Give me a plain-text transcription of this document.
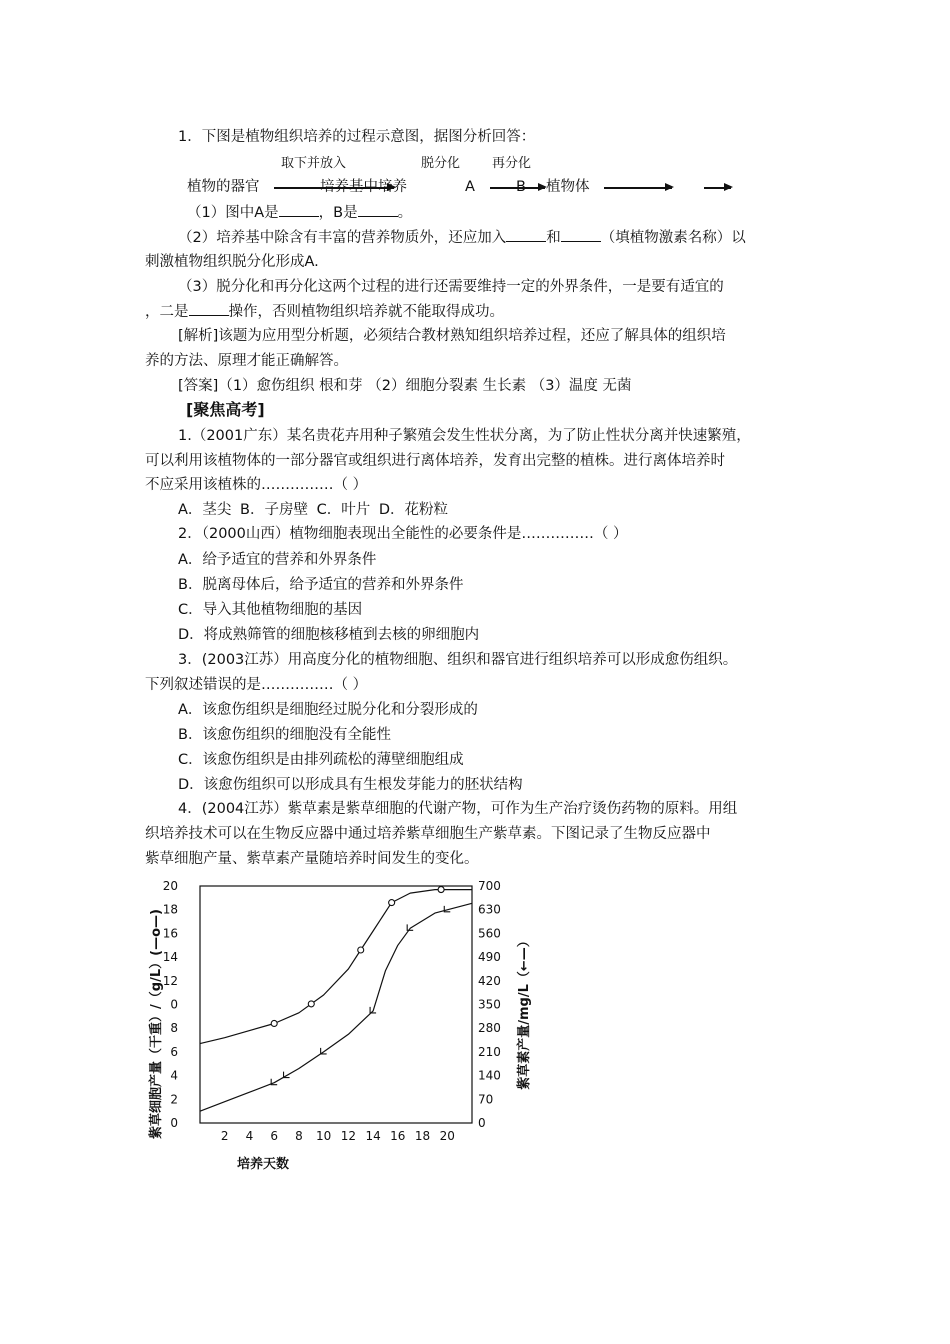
1．下图是植物组织培养的过程示意图，据图分析回答：
取下并放入	脱分化 再分化
植物的器官	培养基中培养	A	B 植物体
（1）图中A是	，B是	。
（2）培养基中除含有丰富的营养物质外，还应加入	和	（填植物激素名称）以
刺激植物组织脱分化形成A.
（3）脱分化和再分化这两个过程的进行还需要维持一定的外界条件，一是要有适宜的
，二是	操作，否则植物组织培养就不能取得成功。
[解析]该题为应用型分析题，必须结合教材熟知组织培养过程，还应了解具体的组织培
养的方法、原理才能正确解答。
[答案]（1）愈伤组织 根和芽 （2）细胞分裂素 生长素 （3）温度 无菌
[聚焦高考]
1.（2001广东）某名贵花卉用种子繁殖会发生性状分离，为了防止性状分离并快速繁殖，
可以利用该植物体的一部分器官或组织进行离体培养，发育出完整的植株。进行离体培养时
不应采用该植株的……………（ ）
A．茎尖 B．子房壁 C．叶片 D．花粉粒
2．（2000山西）植物细胞表现出全能性的必要条件是……………（ ）
A．给予适宜的营养和外界条件
B．脱离母体后，给予适宜的营养和外界条件
C．导入其他植物细胞的基因
D．将成熟筛管的细胞核移植到去核的卵细胞内
3．(2003江苏）用高度分化的植物细胞、组织和器官进行组织培养可以形成愈伤组织。
下列叙述错误的是……………（ ）
A．该愈伤组织是细胞经过脱分化和分裂形成的
B．该愈伤组织的细胞没有全能性
C．该愈伤组织是由排列疏松的薄壁细胞组成
D．该愈伤组织可以形成具有生根发芽能力的胚状结构
4．(2004江苏）紫草素是紫草细胞的代谢产物，可作为生产治疗烫伤药物的原料。用组
织培养技术可以在生物反应器中通过培养紫草细胞生产紫草素。下图记录了生物反应器中
紫草细胞产量、紫草素产量随培养时间发生的变化。
0
2
4
6
8
0
12
14
16
18
20
0
70
140
210
280
350
420
490
560
630
700
2 4 6 8 10 12 14 16 18 20
培养天数
紫草细胞产量（干重）/（g/L）(—o—)	紫草素产量/mg/L（←—）
